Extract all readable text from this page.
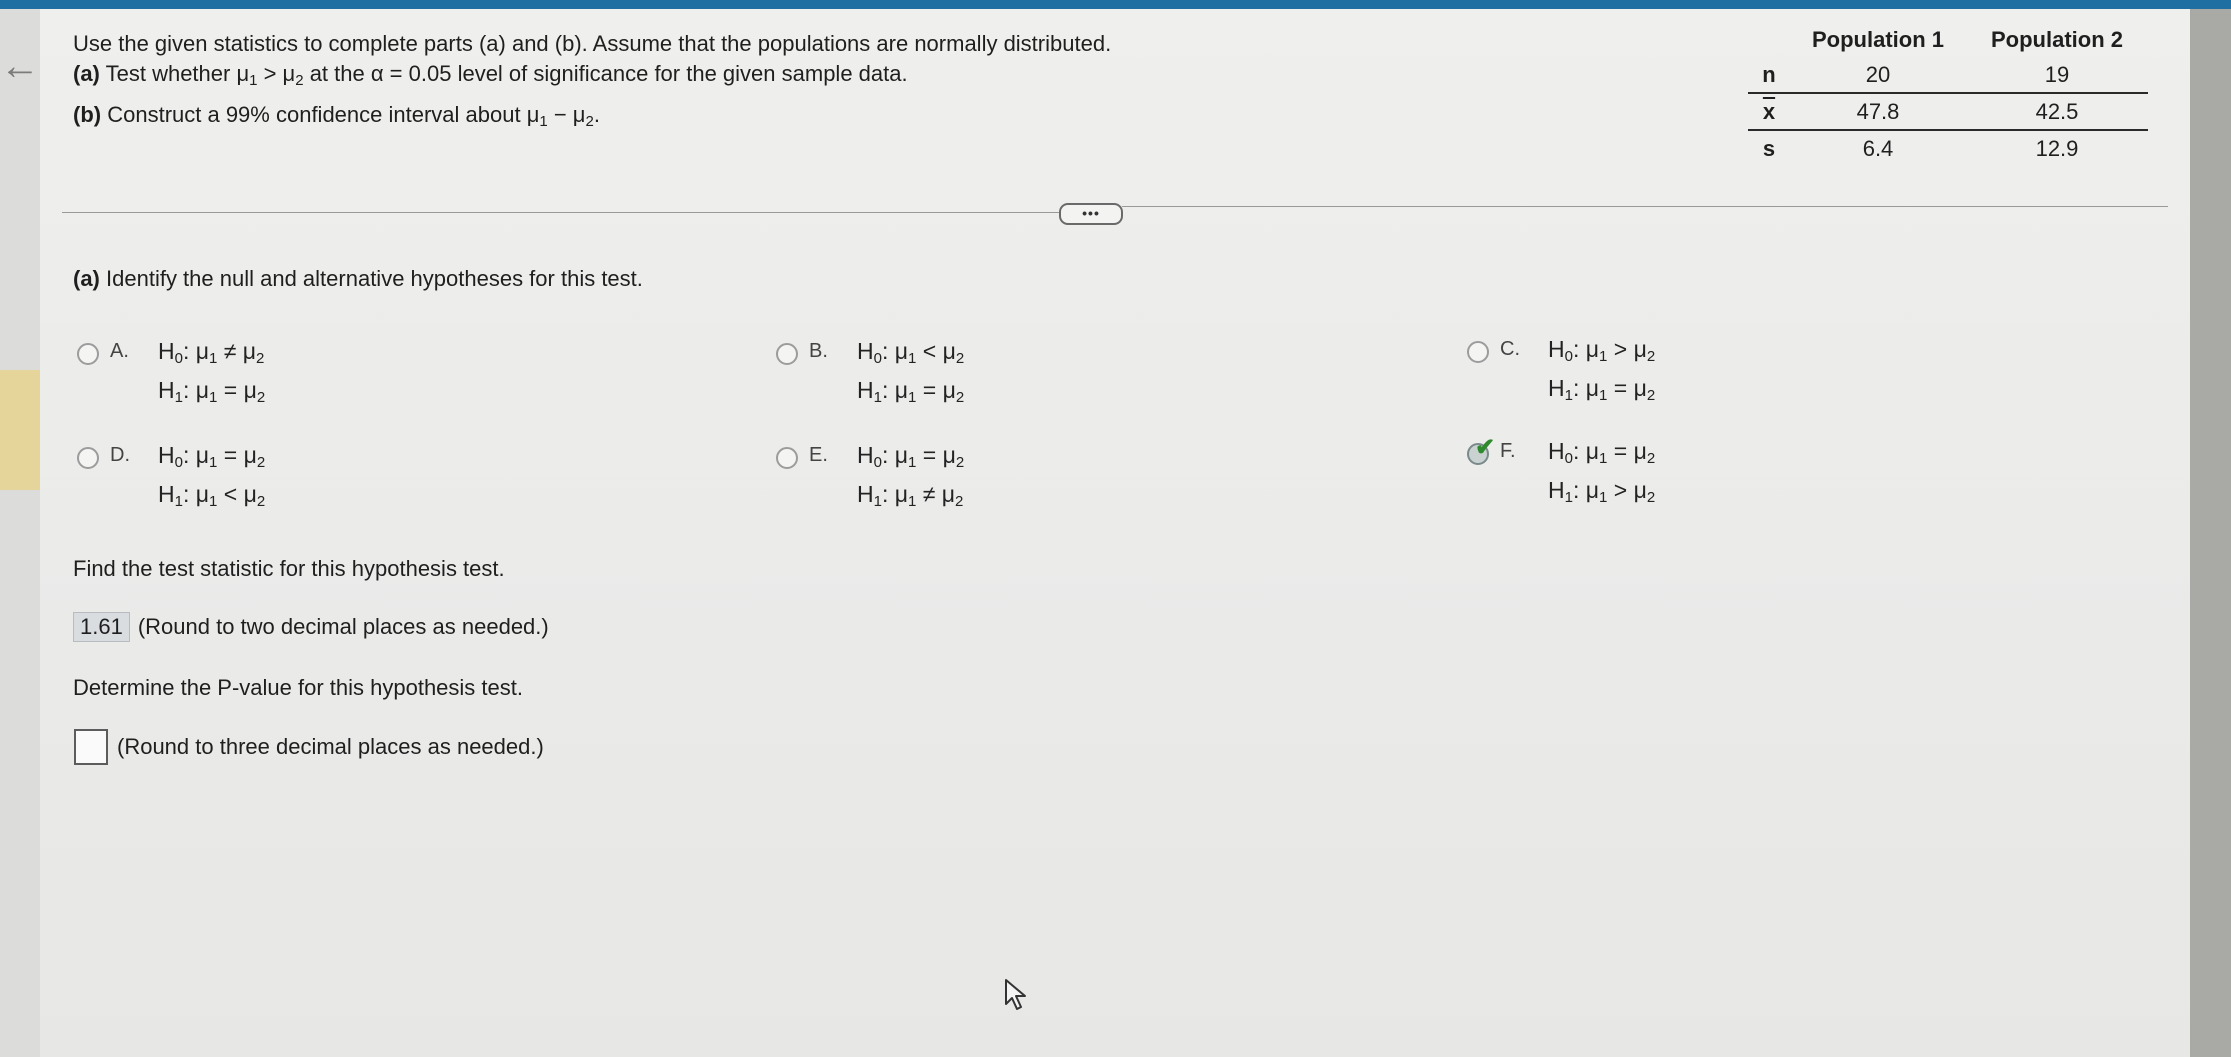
←
Use the given statistics to complete parts (a) and (b). Assume that the populations are normally distributed.
(a) Test whether $\mu_1 > \mu_2$ at the α = 0.05 level of significance for the given sample data.
(b) Construct a 99% confidence interval about $\mu_1 - \mu_2$.
	Population 1	Population 2
n	20	19
$\overline{x}$	47.8	42.5
s	6.4	12.9
•••
(a) Identify the null and alternative hypotheses for this test.
A. $H_0$: $\mu_1 \ne \mu_2$
$H_1$: $\mu_1 = \mu_2$
B. $H_0$: $\mu_1 < \mu_2$
$H_1$: $\mu_1 = \mu_2$
C. $H_0$: $\mu_1 > \mu_2$
$H_1$: $\mu_1 = \mu_2$
D. $H_0$: $\mu_1 = \mu_2$
$H_1$: $\mu_1 < \mu_2$
E. $H_0$: $\mu_1 = \mu_2$
$H_1$: $\mu_1 \ne \mu_2$
✔ F. $H_0$: $\mu_1 = \mu_2$
$H_1$: $\mu_1 > \mu_2$
Find the test statistic for this hypothesis test.
1.61 (Round to two decimal places as needed.)
Determine the P-value for this hypothesis test.
(Round to three decimal places as needed.)
